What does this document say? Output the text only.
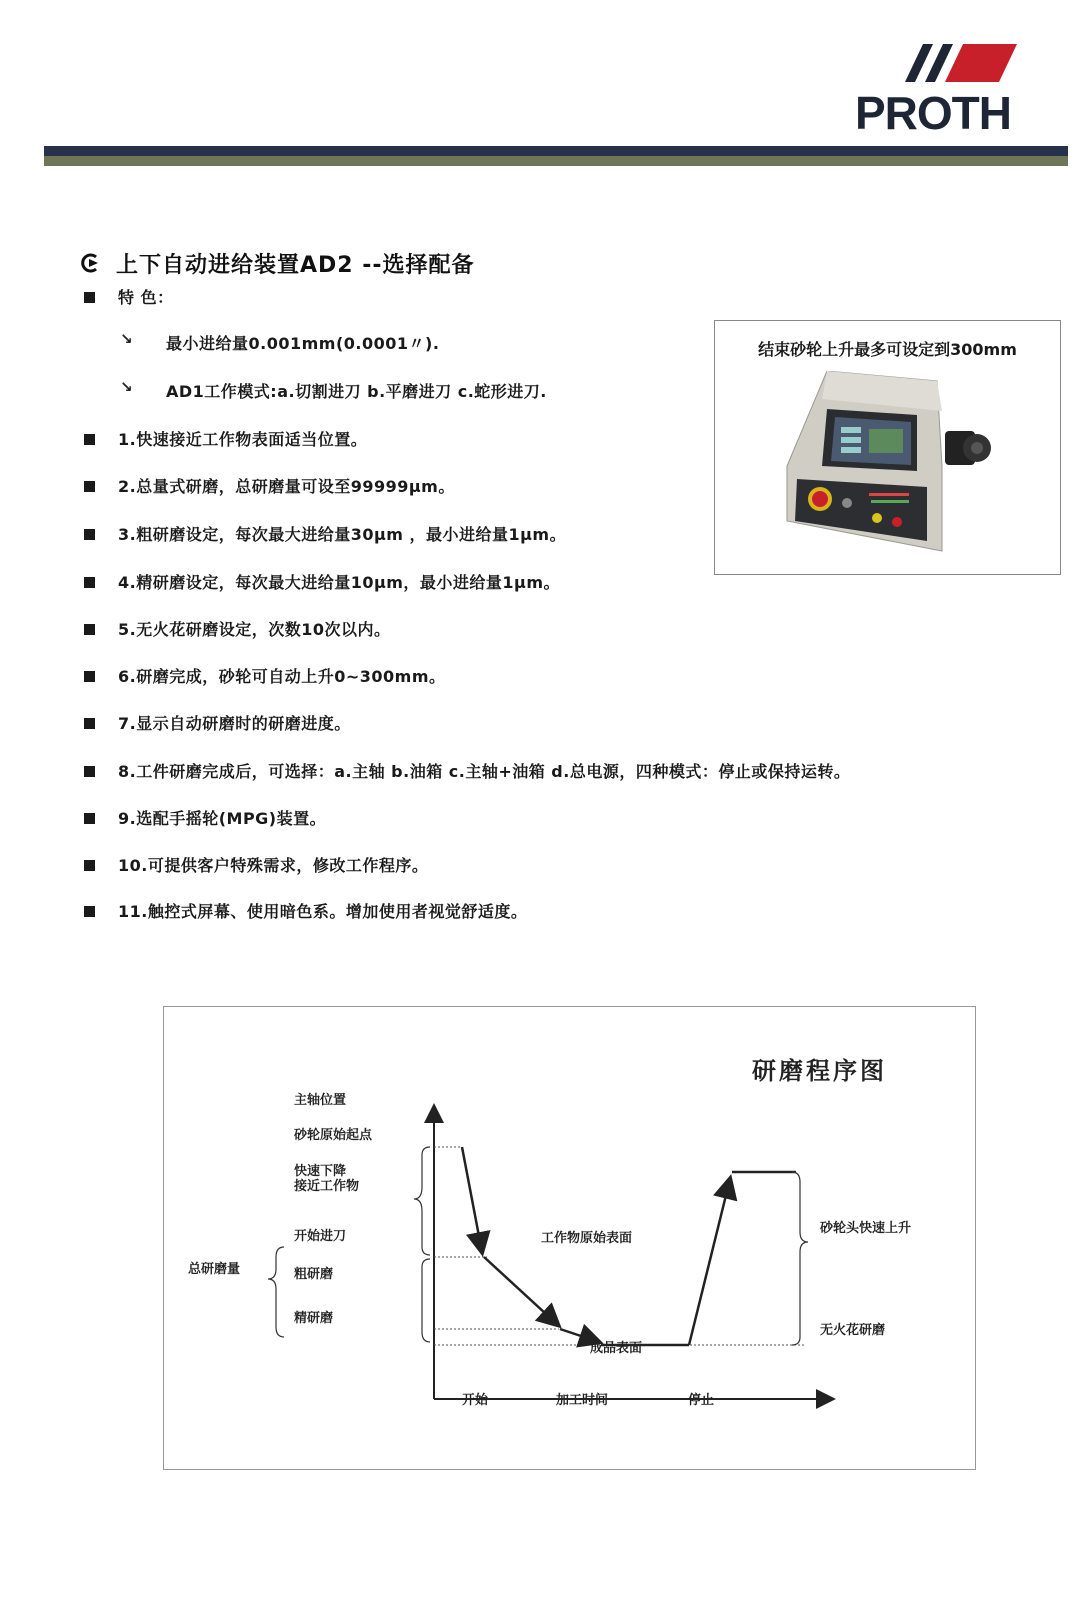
PROTH
上下自动进给装置AD2 --选择配备
特 色：
↘ 最小进给量0.001mm(0.0001〃).
↘ AD1工作模式:a.切割进刀 b.平磨进刀 c.蛇形进刀.
1.快速接近工作物表面适当位置。
2.总量式研磨，总研磨量可设至99999μm。
3.粗研磨设定，每次最大进给量30μm ，最小进给量1μm。
4.精研磨设定，每次最大进给量10μm，最小进给量1μm。
5.无火花研磨设定，次数10次以内。
6.研磨完成，砂轮可自动上升0~300mm。
7.显示自动研磨时的研磨进度。
8.工件研磨完成后，可选择：a.主轴 b.油箱 c.主轴+油箱 d.总电源，四种模式：停止或保持运转。
9.选配手摇轮(MPG)装置。
10.可提供客户特殊需求，修改工作程序。
11.触控式屏幕、使用暗色系。增加使用者视觉舒适度。
结束砂轮上升最多可设定到300mm
研磨程序图
主轴位置
砂轮原始起点
快速下降
接近工作物
开始进刀
粗研磨
精研磨
总研磨量
工作物原始表面
成品表面
砂轮头快速上升
无火花研磨
开始	加工时间	停止
